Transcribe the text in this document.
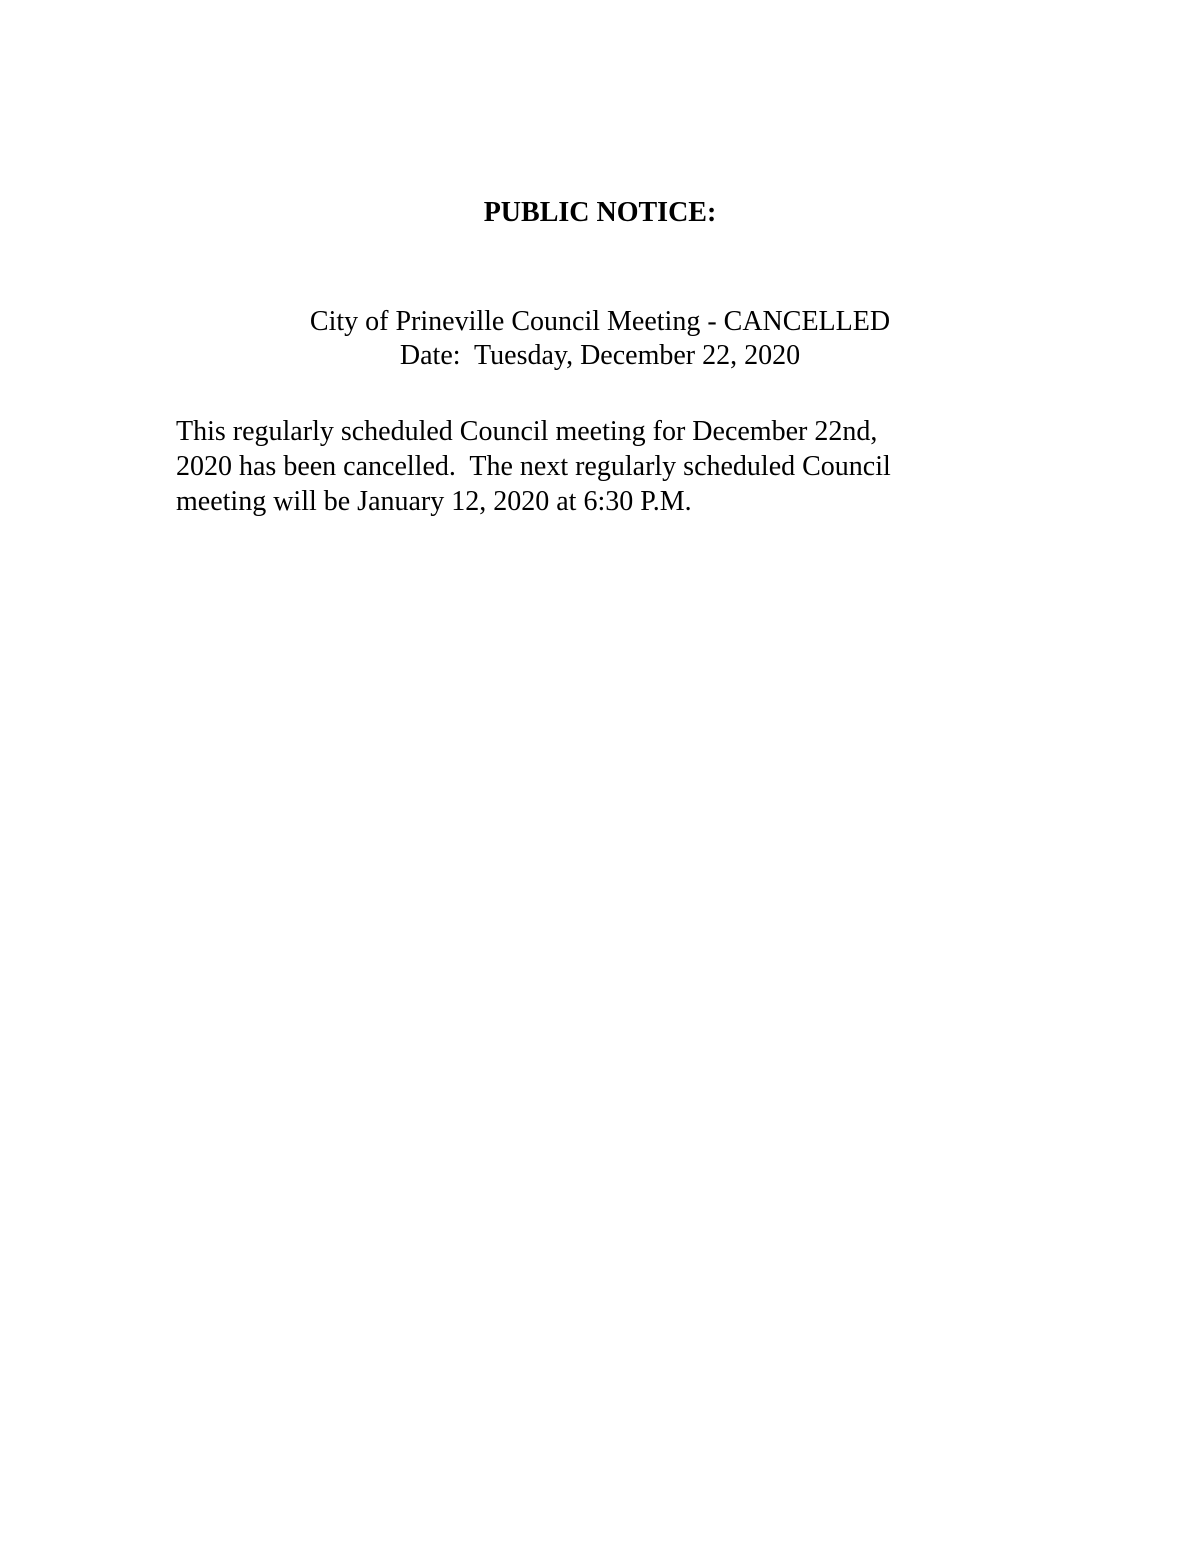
PUBLIC NOTICE:
City of Prineville Council Meeting - CANCELLED
Date:  Tuesday, December 22, 2020

This regularly scheduled Council meeting for December 22nd,
2020 has been cancelled.  The next regularly scheduled Council
meeting will be January 12, 2020 at 6:30 P.M.
